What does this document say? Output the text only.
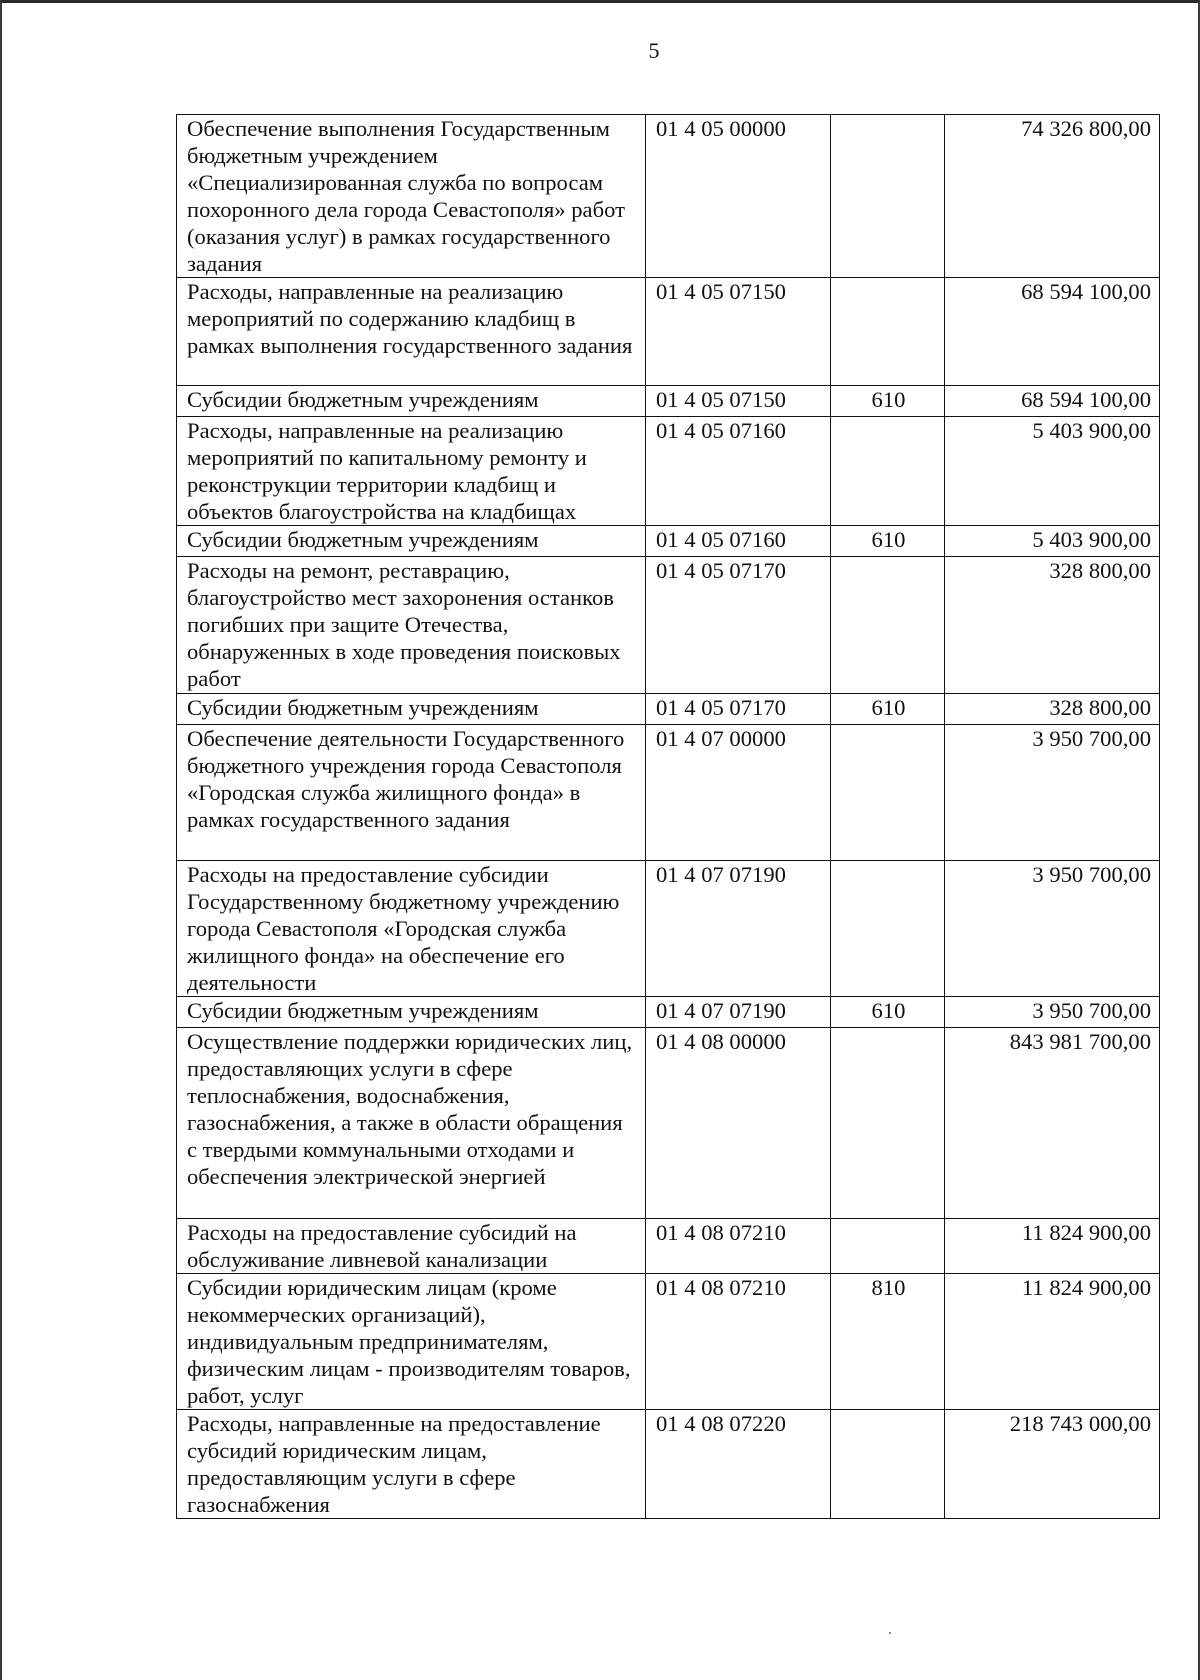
5
Обеспечение выполнения Государственным бюджетным учреждением «Специализированная служба по вопросам похоронного дела города Севастополя» работ (оказания услуг) в рамках государственного задания	01 4 05 00000		74 326 800,00
Расходы, направленные на реализацию мероприятий по содержанию кладбищ в рамках выполнения государственного задания	01 4 05 07150		68 594 100,00
Субсидии бюджетным учреждениям	01 4 05 07150	610	68 594 100,00
Расходы, направленные на реализацию мероприятий по капитальному ремонту и реконструкции территории кладбищ и объектов благоустройства на кладбищах	01 4 05 07160		5 403 900,00
Субсидии бюджетным учреждениям	01 4 05 07160	610	5 403 900,00
Расходы на ремонт, реставрацию, благоустройство мест захоронения останков погибших при защите Отечества, обнаруженных в ходе проведения поисковых работ	01 4 05 07170		328 800,00
Субсидии бюджетным учреждениям	01 4 05 07170	610	328 800,00
Обеспечение деятельности Государственного бюджетного учреждения города Севастополя «Городская служба жилищного фонда» в рамках государственного задания	01 4 07 00000		3 950 700,00
Расходы на предоставление субсидии Государственному бюджетному учреждению города Севастополя «Городская служба жилищного фонда» на обеспечение его деятельности	01 4 07 07190		3 950 700,00
Субсидии бюджетным учреждениям	01 4 07 07190	610	3 950 700,00
Осуществление поддержки юридических лиц, предоставляющих услуги в сфере теплоснабжения, водоснабжения, газоснабжения, а также в области обращения с твердыми коммунальными отходами и обеспечения электрической энергией	01 4 08 00000		843 981 700,00
Расходы на предоставление субсидий на обслуживание ливневой канализации	01 4 08 07210		11 824 900,00
Субсидии юридическим лицам (кроме некоммерческих организаций), индивидуальным предпринимателям, физическим лицам - производителям товаров, работ, услуг	01 4 08 07210	810	11 824 900,00
Расходы, направленные на предоставление субсидий юридическим лицам, предоставляющим услуги в сфере газоснабжения	01 4 08 07220		218 743 000,00
